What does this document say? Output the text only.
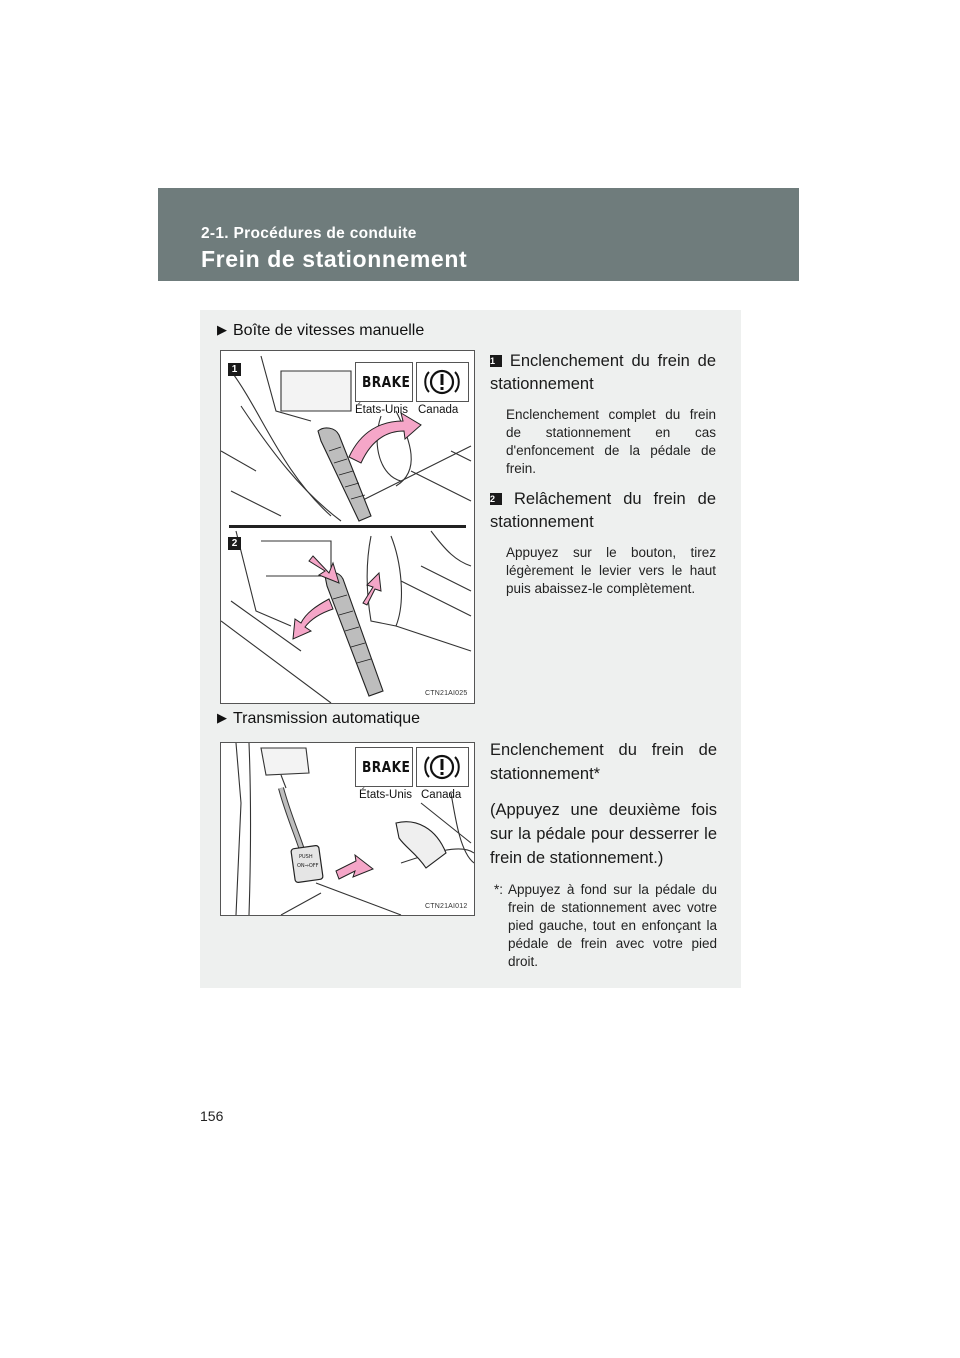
2-1. Procédures de conduite
Frein de stationnement
▶ Boîte de vitesses manuelle
1
2
BRAKE
États-Unis Canada
CTN21AI025
1 Enclenchement du frein de stationnement
Enclenchement complet du frein de stationnement en cas d'enfoncement de la pédale de frein.
2 Relâchement du frein de stationnement
Appuyez sur le bouton, tirez légèrement le levier vers le haut puis abaissez-le complètement.
▶ Transmission automatique
PUSH
ON⇒OFF
BRAKE
États-Unis Canada
CTN21AI012
Enclenchement du frein de stationnement*
(Appuyez une deuxième fois sur la pédale pour desserrer le frein de stationnement.)
*: Appuyez à fond sur la pédale du frein de stationnement avec votre pied gauche, tout en enfonçant la pédale de frein avec votre pied droit.
156
